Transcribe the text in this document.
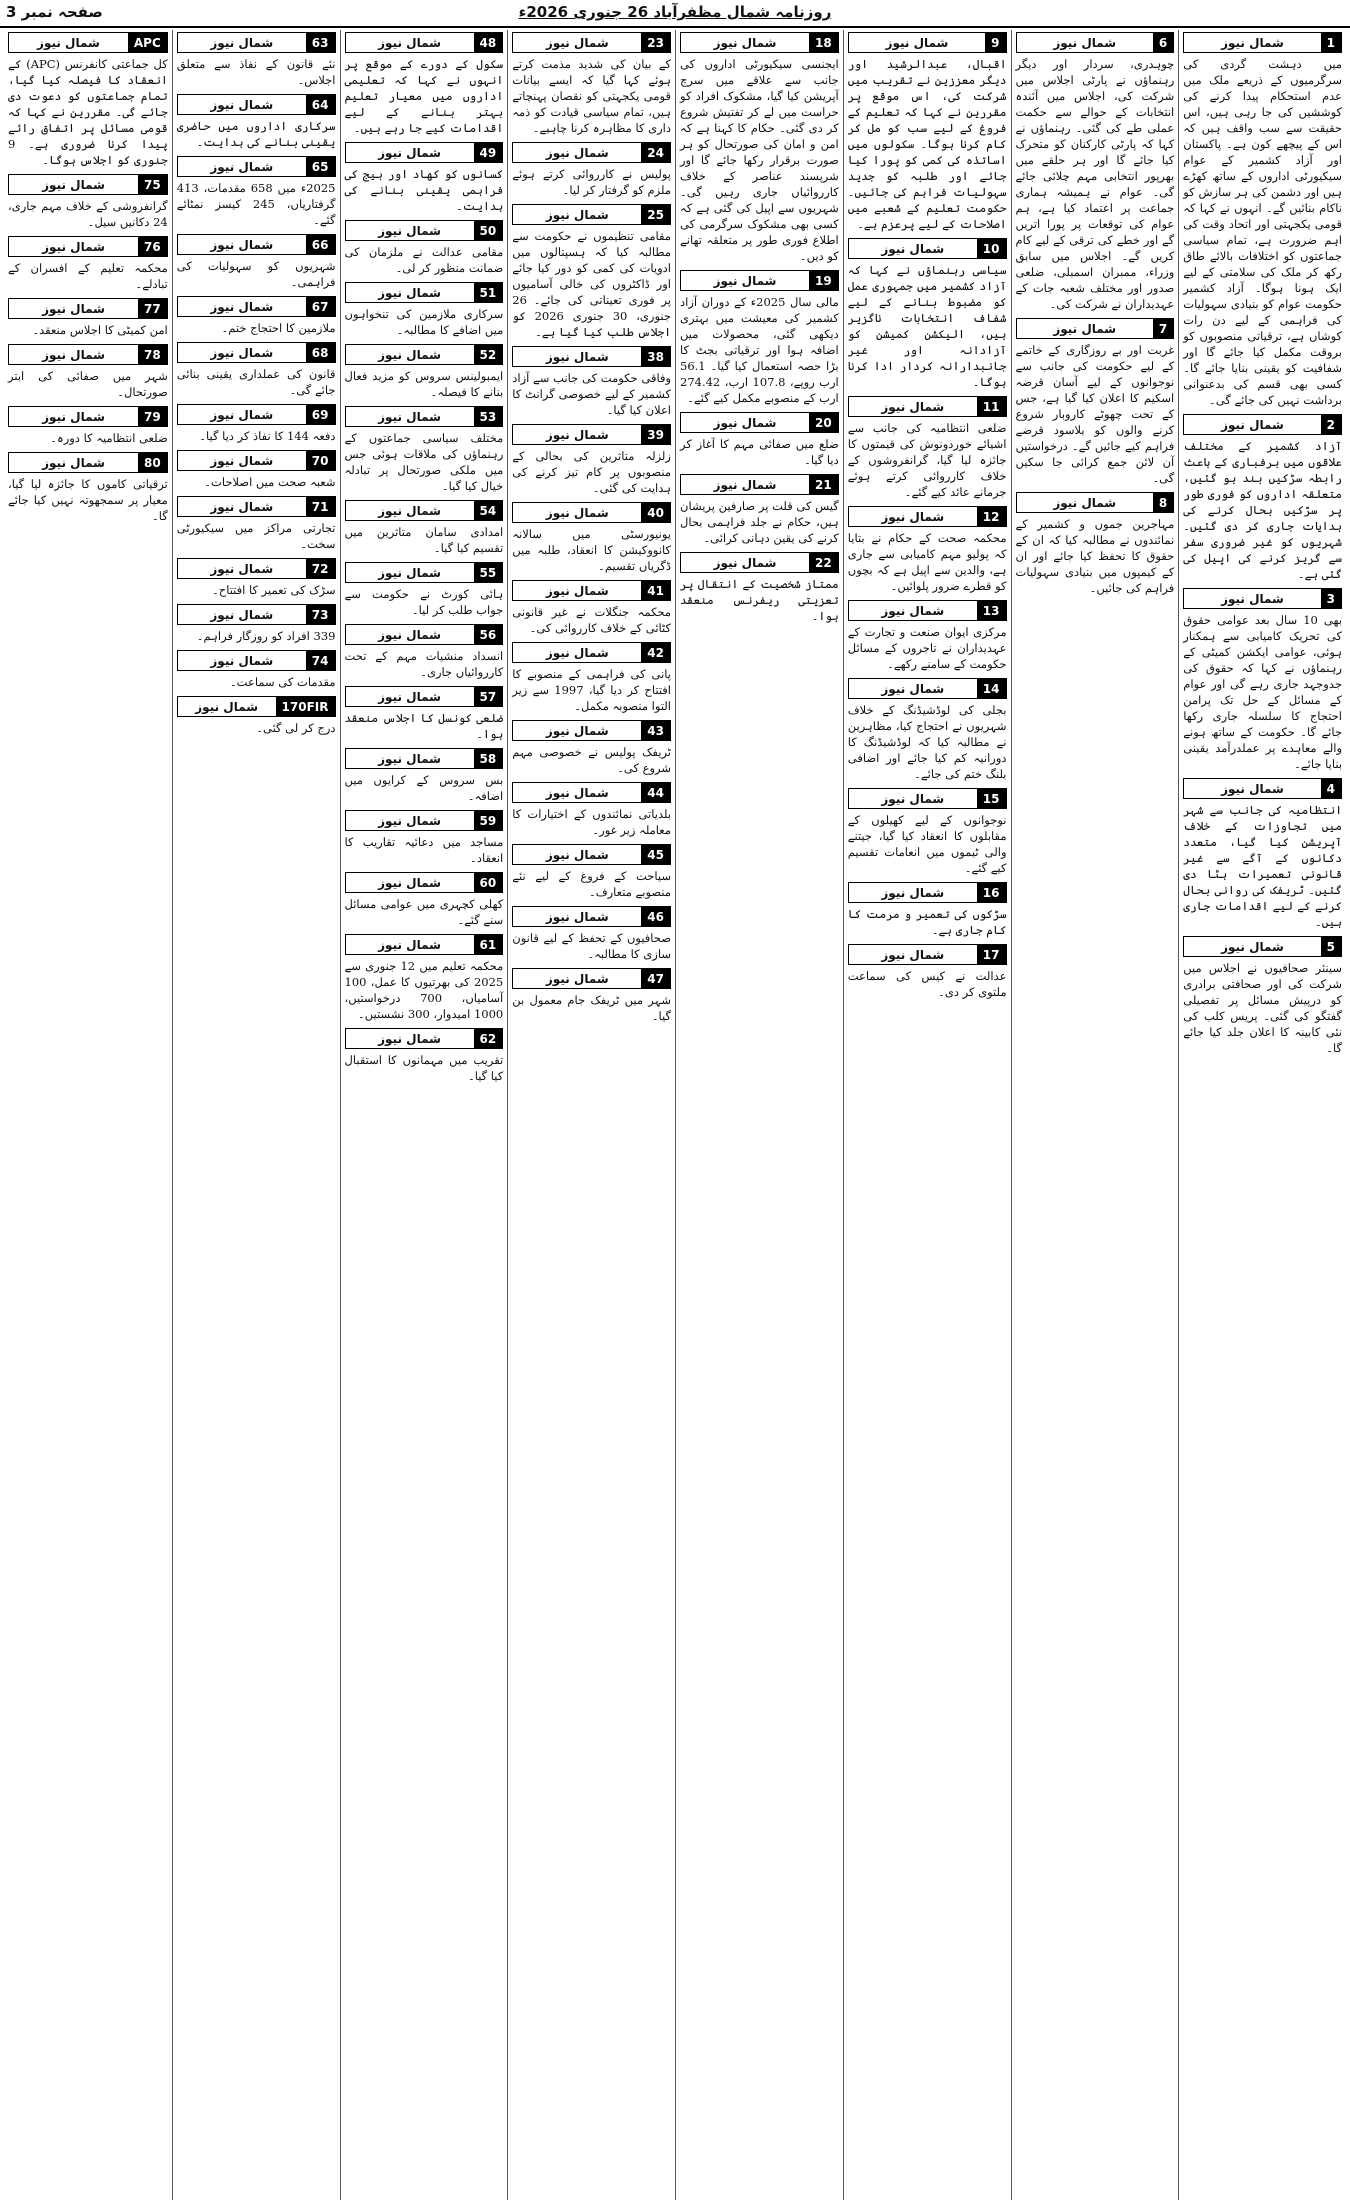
روزنامہ شمال مظفرآباد 26 جنوری 2026ء
صفحہ نمبر 3
1
شمال نیوز

میں دہشت گردی کی سرگرمیوں کے ذریعے ملک میں عدم استحکام پیدا کرنے کی کوششیں کی جا رہی ہیں، اس حقیقت سے سب واقف ہیں کہ اس کے پیچھے کون ہے۔ پاکستان اور آزاد کشمیر کے عوام سیکیورٹی اداروں کے ساتھ کھڑے ہیں اور دشمن کی ہر سازش کو ناکام بنائیں گے۔ انہوں نے کہا کہ قومی یکجہتی اور اتحاد وقت کی اہم ضرورت ہے، تمام سیاسی جماعتوں کو اختلافات بالائے طاق رکھ کر ملک کی سلامتی کے لیے ایک ہونا ہوگا۔ آزاد کشمیر حکومت عوام کو بنیادی سہولیات کی فراہمی کے لیے دن رات کوشاں ہے، ترقیاتی منصوبوں کو بروقت مکمل کیا جائے گا اور شفافیت کو یقینی بنایا جائے گا۔ کسی بھی قسم کی بدعنوانی برداشت نہیں کی جائے گی۔

2
شمال نیوز

آزاد کشمیر کے مختلف علاقوں میں برفباری کے باعث رابطہ سڑکیں بند ہو گئیں، متعلقہ اداروں کو فوری طور پر سڑکیں بحال کرنے کی ہدایات جاری کر دی گئیں۔ شہریوں کو غیر ضروری سفر سے گریز کرنے کی اپیل کی گئی ہے۔

3
شمال نیوز

بھی 10 سال بعد عوامی حقوق کی تحریک کامیابی سے ہمکنار ہوئی، عوامی ایکشن کمیٹی کے رہنماؤں نے کہا کہ حقوق کی جدوجہد جاری رہے گی اور عوام کے مسائل کے حل تک پرامن احتجاج کا سلسلہ جاری رکھا جائے گا۔ حکومت کے ساتھ ہونے والے معاہدے پر عملدرآمد یقینی بنایا جائے۔

4
شمال نیوز

انتظامیہ کی جانب سے شہر میں تجاوزات کے خلاف آپریشن کیا گیا، متعدد دکانوں کے آگے سے غیر قانونی تعمیرات ہٹا دی گئیں۔ ٹریفک کی روانی بحال کرنے کے لیے اقدامات جاری ہیں۔

5
شمال نیوز

سینئر صحافیوں نے اجلاس میں شرکت کی اور صحافتی برادری کو درپیش مسائل پر تفصیلی گفتگو کی گئی۔ پریس کلب کی نئی کابینہ کا اعلان جلد کیا جائے گا۔

6
شمال نیوز

چوہدری، سردار اور دیگر رہنماؤں نے پارٹی اجلاس میں شرکت کی، اجلاس میں آئندہ انتخابات کے حوالے سے حکمت عملی طے کی گئی۔ رہنماؤں نے کہا کہ پارٹی کارکنان کو متحرک کیا جائے گا اور ہر حلقے میں بھرپور انتخابی مہم چلائی جائے گی۔ عوام نے ہمیشہ ہماری جماعت پر اعتماد کیا ہے، ہم عوام کی توقعات پر پورا اتریں گے اور خطے کی ترقی کے لیے کام کریں گے۔ اجلاس میں سابق وزراء، ممبران اسمبلی، ضلعی صدور اور مختلف شعبہ جات کے عہدیداران نے شرکت کی۔

7
شمال نیوز

غربت اور بے روزگاری کے خاتمے کے لیے حکومت کی جانب سے نوجوانوں کے لیے آسان قرضہ اسکیم کا اعلان کیا گیا ہے، جس کے تحت چھوٹے کاروبار شروع کرنے والوں کو بلاسود قرضے فراہم کیے جائیں گے۔ درخواستیں آن لائن جمع کرائی جا سکیں گی۔

8
شمال نیوز

مہاجرین جموں و کشمیر کے نمائندوں نے مطالبہ کیا کہ ان کے حقوق کا تحفظ کیا جائے اور ان کے کیمپوں میں بنیادی سہولیات فراہم کی جائیں۔

9
شمال نیوز

اقبال، عبدالرشید اور دیگر معززین نے تقریب میں شرکت کی، اس موقع پر مقررین نے کہا کہ تعلیم کے فروغ کے لیے سب کو مل کر کام کرنا ہوگا۔ سکولوں میں اساتذہ کی کمی کو پورا کیا جائے اور طلبہ کو جدید سہولیات فراہم کی جائیں۔ حکومت تعلیم کے شعبے میں اصلاحات کے لیے پرعزم ہے۔

10
شمال نیوز

سیاسی رہنماؤں نے کہا کہ آزاد کشمیر میں جمہوری عمل کو مضبوط بنانے کے لیے شفاف انتخابات ناگزیر ہیں، الیکشن کمیشن کو آزادانہ اور غیر جانبدارانہ کردار ادا کرنا ہوگا۔

11
شمال نیوز

ضلعی انتظامیہ کی جانب سے اشیائے خوردونوش کی قیمتوں کا جائزہ لیا گیا، گرانفروشوں کے خلاف کارروائی کرتے ہوئے جرمانے عائد کیے گئے۔

12
شمال نیوز

محکمہ صحت کے حکام نے بتایا کہ پولیو مہم کامیابی سے جاری ہے، والدین سے اپیل ہے کہ بچوں کو قطرے ضرور پلوائیں۔

13
شمال نیوز

مرکزی ایوان صنعت و تجارت کے عہدیداران نے تاجروں کے مسائل حکومت کے سامنے رکھے۔

14
شمال نیوز

بجلی کی لوڈشیڈنگ کے خلاف شہریوں نے احتجاج کیا، مظاہرین نے مطالبہ کیا کہ لوڈشیڈنگ کا دورانیہ کم کیا جائے اور اضافی بلنگ ختم کی جائے۔

15
شمال نیوز

نوجوانوں کے لیے کھیلوں کے مقابلوں کا انعقاد کیا گیا، جیتنے والی ٹیموں میں انعامات تقسیم کیے گئے۔

16
شمال نیوز

سڑکوں کی تعمیر و مرمت کا کام جاری ہے۔

17
شمال نیوز

عدالت نے کیس کی سماعت ملتوی کر دی۔

18
شمال نیوز

ایجنسی سیکیورٹی اداروں کی جانب سے علاقے میں سرچ آپریشن کیا گیا، مشکوک افراد کو حراست میں لے کر تفتیش شروع کر دی گئی۔ حکام کا کہنا ہے کہ امن و امان کی صورتحال کو ہر صورت برقرار رکھا جائے گا اور شرپسند عناصر کے خلاف کارروائیاں جاری رہیں گی۔ شہریوں سے اپیل کی گئی ہے کہ کسی بھی مشکوک سرگرمی کی اطلاع فوری طور پر متعلقہ تھانے کو دیں۔

19
شمال نیوز

مالی سال 2025ء کے دوران آزاد کشمیر کی معیشت میں بہتری دیکھی گئی، محصولات میں اضافہ ہوا اور ترقیاتی بجٹ کا بڑا حصہ استعمال کیا گیا۔ 56.1 ارب روپے، 107.8 ارب، 274.42 ارب کے منصوبے مکمل کیے گئے۔

20
شمال نیوز

ضلع میں صفائی مہم کا آغاز کر دیا گیا۔

21
شمال نیوز

گیس کی قلت پر صارفین پریشان ہیں، حکام نے جلد فراہمی بحال کرنے کی یقین دہانی کرائی۔

22
شمال نیوز

ممتاز شخصیت کے انتقال پر تعزیتی ریفرنس منعقد ہوا۔

23
شمال نیوز

کے بیان کی شدید مذمت کرتے ہوئے کہا گیا کہ ایسے بیانات قومی یکجہتی کو نقصان پہنچاتے ہیں، تمام سیاسی قیادت کو ذمہ داری کا مظاہرہ کرنا چاہیے۔

24
شمال نیوز

پولیس نے کارروائی کرتے ہوئے ملزم کو گرفتار کر لیا۔

25
شمال نیوز

مقامی تنظیموں نے حکومت سے مطالبہ کیا کہ ہسپتالوں میں ادویات کی کمی کو دور کیا جائے اور ڈاکٹروں کی خالی آسامیوں پر فوری تعیناتی کی جائے۔ 26 جنوری، 30 جنوری 2026 کو اجلاس طلب کیا گیا ہے۔

38
شمال نیوز

وفاقی حکومت کی جانب سے آزاد کشمیر کے لیے خصوصی گرانٹ کا اعلان کیا گیا۔

39
شمال نیوز

زلزلہ متاثرین کی بحالی کے منصوبوں پر کام تیز کرنے کی ہدایت کی گئی۔

40
شمال نیوز

یونیورسٹی میں سالانہ کانووکیشن کا انعقاد، طلبہ میں ڈگریاں تقسیم۔

41
شمال نیوز

محکمہ جنگلات نے غیر قانونی کٹائی کے خلاف کارروائی کی۔

42
شمال نیوز

پانی کی فراہمی کے منصوبے کا افتتاح کر دیا گیا، 1997 سے زیر التوا منصوبہ مکمل۔

43
شمال نیوز

ٹریفک پولیس نے خصوصی مہم شروع کی۔

44
شمال نیوز

بلدیاتی نمائندوں کے اختیارات کا معاملہ زیر غور۔

45
شمال نیوز

سیاحت کے فروغ کے لیے نئے منصوبے متعارف۔

46
شمال نیوز

صحافیوں کے تحفظ کے لیے قانون سازی کا مطالبہ۔

47
شمال نیوز

شہر میں ٹریفک جام معمول بن گیا۔

48
شمال نیوز

سکول کے دورے کے موقع پر انہوں نے کہا کہ تعلیمی اداروں میں معیار تعلیم بہتر بنانے کے لیے اقدامات کیے جا رہے ہیں۔

49
شمال نیوز

کسانوں کو کھاد اور بیج کی فراہمی یقینی بنانے کی ہدایت۔

50
شمال نیوز

مقامی عدالت نے ملزمان کی ضمانت منظور کر لی۔

51
شمال نیوز

سرکاری ملازمین کی تنخواہوں میں اضافے کا مطالبہ۔

52
شمال نیوز

ایمبولینس سروس کو مزید فعال بنانے کا فیصلہ۔

53
شمال نیوز

مختلف سیاسی جماعتوں کے رہنماؤں کی ملاقات ہوئی جس میں ملکی صورتحال پر تبادلہ خیال کیا گیا۔

54
شمال نیوز

امدادی سامان متاثرین میں تقسیم کیا گیا۔

55
شمال نیوز

ہائی کورٹ نے حکومت سے جواب طلب کر لیا۔

56
شمال نیوز

انسداد منشیات مہم کے تحت کارروائیاں جاری۔

57
شمال نیوز

ضلعی کونسل کا اجلاس منعقد ہوا۔

58
شمال نیوز

بس سروس کے کرایوں میں اضافہ۔

59
شمال نیوز

مساجد میں دعائیہ تقاریب کا انعقاد۔

60
شمال نیوز

کھلی کچہری میں عوامی مسائل سنے گئے۔

61
شمال نیوز

محکمہ تعلیم میں 12 جنوری سے 2025 کی بھرتیوں کا عمل، 100 آسامیاں، 700 درخواستیں، 1000 امیدوار، 300 نشستیں۔

62
شمال نیوز

تقریب میں مہمانوں کا استقبال کیا گیا۔

63
شمال نیوز

نئے قانون کے نفاذ سے متعلق اجلاس۔

64
شمال نیوز

سرکاری اداروں میں حاضری یقینی بنانے کی ہدایت۔

65
شمال نیوز

2025ء میں 658 مقدمات، 413 گرفتاریاں، 245 کیسز نمٹائے گئے۔

66
شمال نیوز

شہریوں کو سہولیات کی فراہمی۔

67
شمال نیوز

ملازمین کا احتجاج ختم۔

68
شمال نیوز

قانون کی عملداری یقینی بنائی جائے گی۔

69
شمال نیوز

دفعہ 144 کا نفاذ کر دیا گیا۔

70
شمال نیوز

شعبہ صحت میں اصلاحات۔

71
شمال نیوز

تجارتی مراکز میں سیکیورٹی سخت۔

72
شمال نیوز

سڑک کی تعمیر کا افتتاح۔

73
شمال نیوز

339 افراد کو روزگار فراہم۔

74
شمال نیوز

مقدمات کی سماعت۔

170FIR
شمال نیوز

درج کر لی گئی۔

APC
شمال نیوز

کل جماعتی کانفرنس (APC) کے انعقاد کا فیصلہ کیا گیا، تمام جماعتوں کو دعوت دی جائے گی۔ مقررین نے کہا کہ قومی مسائل پر اتفاق رائے پیدا کرنا ضروری ہے۔ 9 جنوری کو اجلاس ہوگا۔

75
شمال نیوز

گرانفروشی کے خلاف مہم جاری، 24 دکانیں سیل۔

76
شمال نیوز

محکمہ تعلیم کے افسران کے تبادلے۔

77
شمال نیوز

امن کمیٹی کا اجلاس منعقد۔

78
شمال نیوز

شہر میں صفائی کی ابتر صورتحال۔

79
شمال نیوز

ضلعی انتظامیہ کا دورہ۔

80
شمال نیوز

ترقیاتی کاموں کا جائزہ لیا گیا، معیار پر سمجھوتہ نہیں کیا جائے گا۔
